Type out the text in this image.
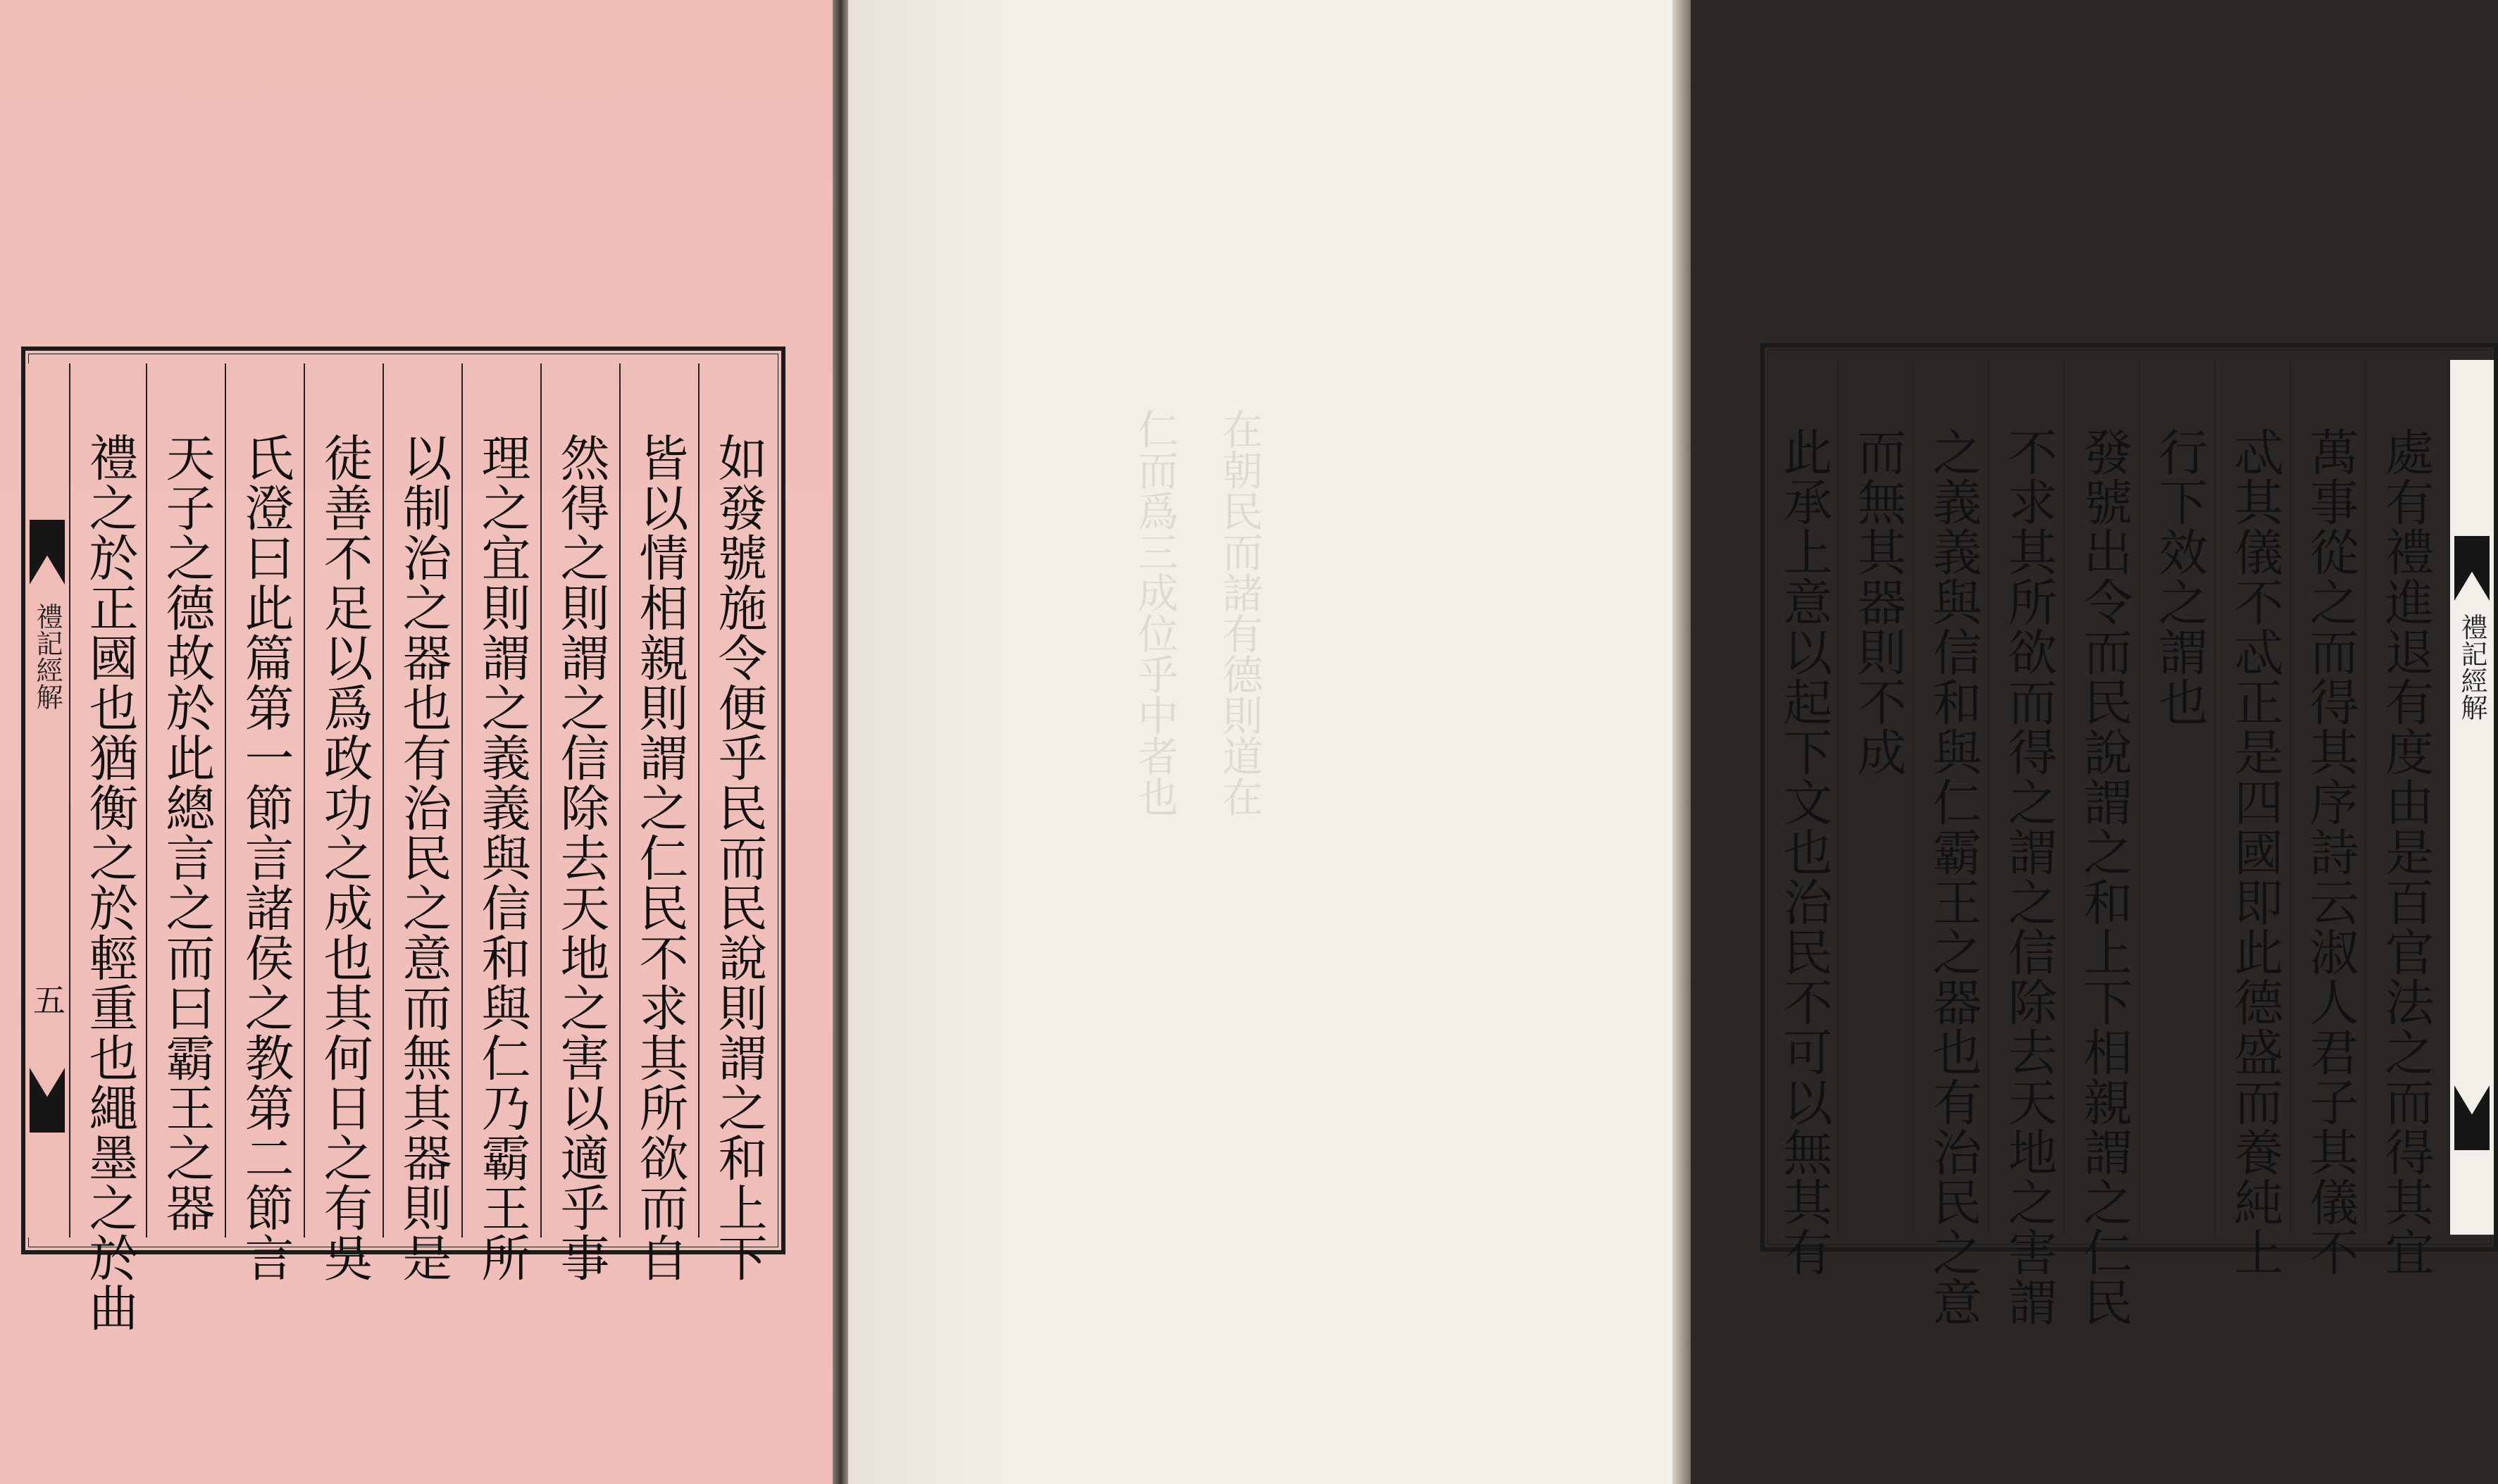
禮記經解
五	如發號施令便乎民而民說則謂之和上下
皆以情相親則謂之仁民不求其所欲而自
然得之則謂之信除去天地之害以適乎事
理之宜則謂之義義與信和與仁乃霸王所
以制治之器也有治民之意而無其器則是
徒善不足以爲政功之成也其何日之有吳
氏澄曰此篇第一節言諸侯之教第二節言
天子之德故於此總言之而曰霸王之器
禮之於正國也猶衡之於輕重也繩墨之於曲	仁而爲三成位乎中者也 在朝民而諸有德則道在	禮記經解
處有禮進退有度由是百官法之而得其宜
萬事從之而得其序詩云淑人君子其儀不
忒其儀不忒正是四國即此德盛而養純上
行下效之謂也
發號出令而民說謂之和上下相親謂之仁民
不求其所欲而得之謂之信除去天地之害謂
之義義與信和與仁霸王之器也有治民之意
而無其器則不成
此承上意以起下文也治民不可以無其有
